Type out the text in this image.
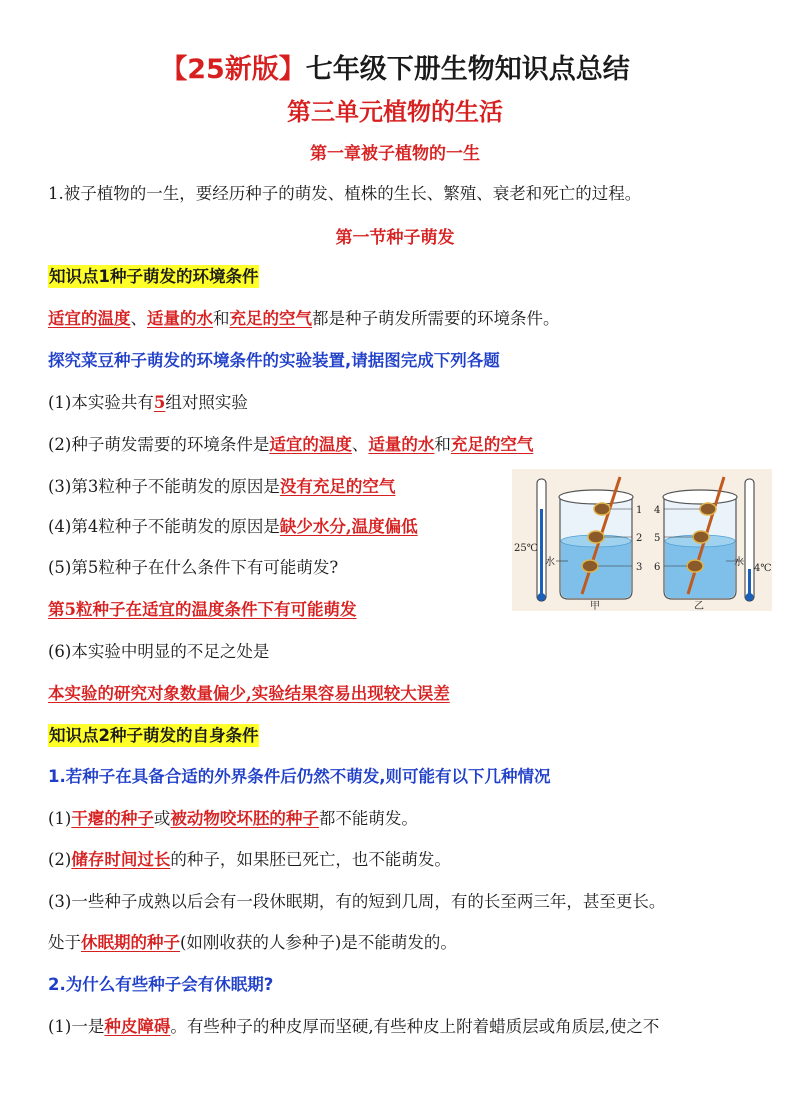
【25新版】七年级下册生物知识点总结
第三单元植物的生活
第一章被子植物的一生
1.被子植物的一生，要经历种子的萌发、植株的生长、繁殖、衰老和死亡的过程。
第一节种子萌发
知识点1种子萌发的环境条件
适宜的温度、适量的水和充足的空气都是种子萌发所需要的环境条件。
探究菜豆种子萌发的环境条件的实验装置,请据图完成下列各题
(1)本实验共有5组对照实验
(2)种子萌发需要的环境条件是适宜的温度、适量的水和充足的空气
(3)第3粒种子不能萌发的原因是没有充足的空气
(4)第4粒种子不能萌发的原因是缺少水分,温度偏低
(5)第5粒种子在什么条件下有可能萌发?
第5粒种子在适宜的温度条件下有可能萌发
(6)本实验中明显的不足之处是
本实验的研究对象数量偏少,实验结果容易出现较大误差
25℃
1
2
3
水
甲
4
5
6	水
乙
4℃
知识点2种子萌发的自身条件
1.若种子在具备合适的外界条件后仍然不萌发,则可能有以下几种情况
(1)干瘪的种子或被动物咬坏胚的种子都不能萌发。
(2)储存时间过长的种子，如果胚已死亡，也不能萌发。
(3)一些种子成熟以后会有一段休眠期，有的短到几周，有的长至两三年，甚至更长。
处于休眠期的种子(如刚收获的人参种子)是不能萌发的。
2.为什么有些种子会有休眠期?
(1)一是种皮障碍。有些种子的种皮厚而坚硬,有些种皮上附着蜡质层或角质层,使之不
